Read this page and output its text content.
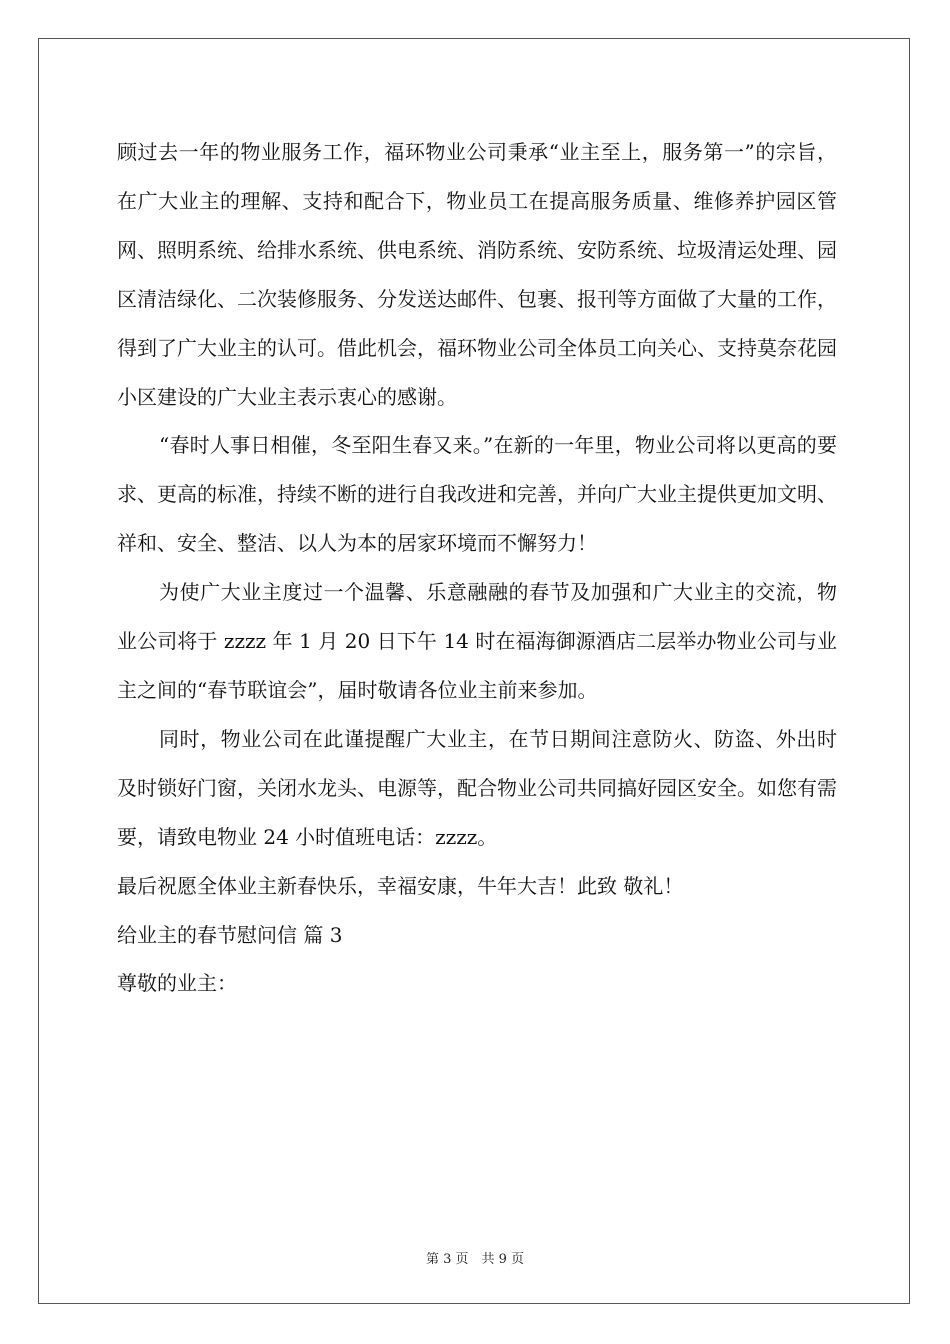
顾过去一年的物业服务工作，福环物业公司秉承“业主至上，服务第一”的宗旨，在广大业主的理解、支持和配合下，物业员工在提高服务质量、维修养护园区管网、照明系统、给排水系统、供电系统、消防系统、安防系统、垃圾清运处理、园区清洁绿化、二次装修服务、分发送达邮件、包裹、报刊等方面做了大量的工作，得到了广大业主的认可。借此机会，福环物业公司全体员工向关心、支持莫奈花园小区建设的广大业主表示衷心的感谢。

“春时人事日相催，冬至阳生春又来。”在新的一年里，物业公司将以更高的要求、更高的标准，持续不断的进行自我改进和完善，并向广大业主提供更加文明、祥和、安全、整洁、以人为本的居家环境而不懈努力！

为使广大业主度过一个温馨、乐意融融的春节及加强和广大业主的交流，物业公司将于 zzzz 年 1 月 20 日下午 14 时在福海御源酒店二层举办物业公司与业主之间的“春节联谊会”，届时敬请各位业主前来参加。

同时，物业公司在此谨提醒广大业主，在节日期间注意防火、防盗、外出时及时锁好门窗，关闭水龙头、电源等，配合物业公司共同搞好园区安全。如您有需要，请致电物业 24 小时值班电话：zzzz。

最后祝愿全体业主新春快乐，幸福安康，牛年大吉！此致 敬礼！

给业主的春节慰问信 篇 3

尊敬的业主：

第 3 页　共 9 页
